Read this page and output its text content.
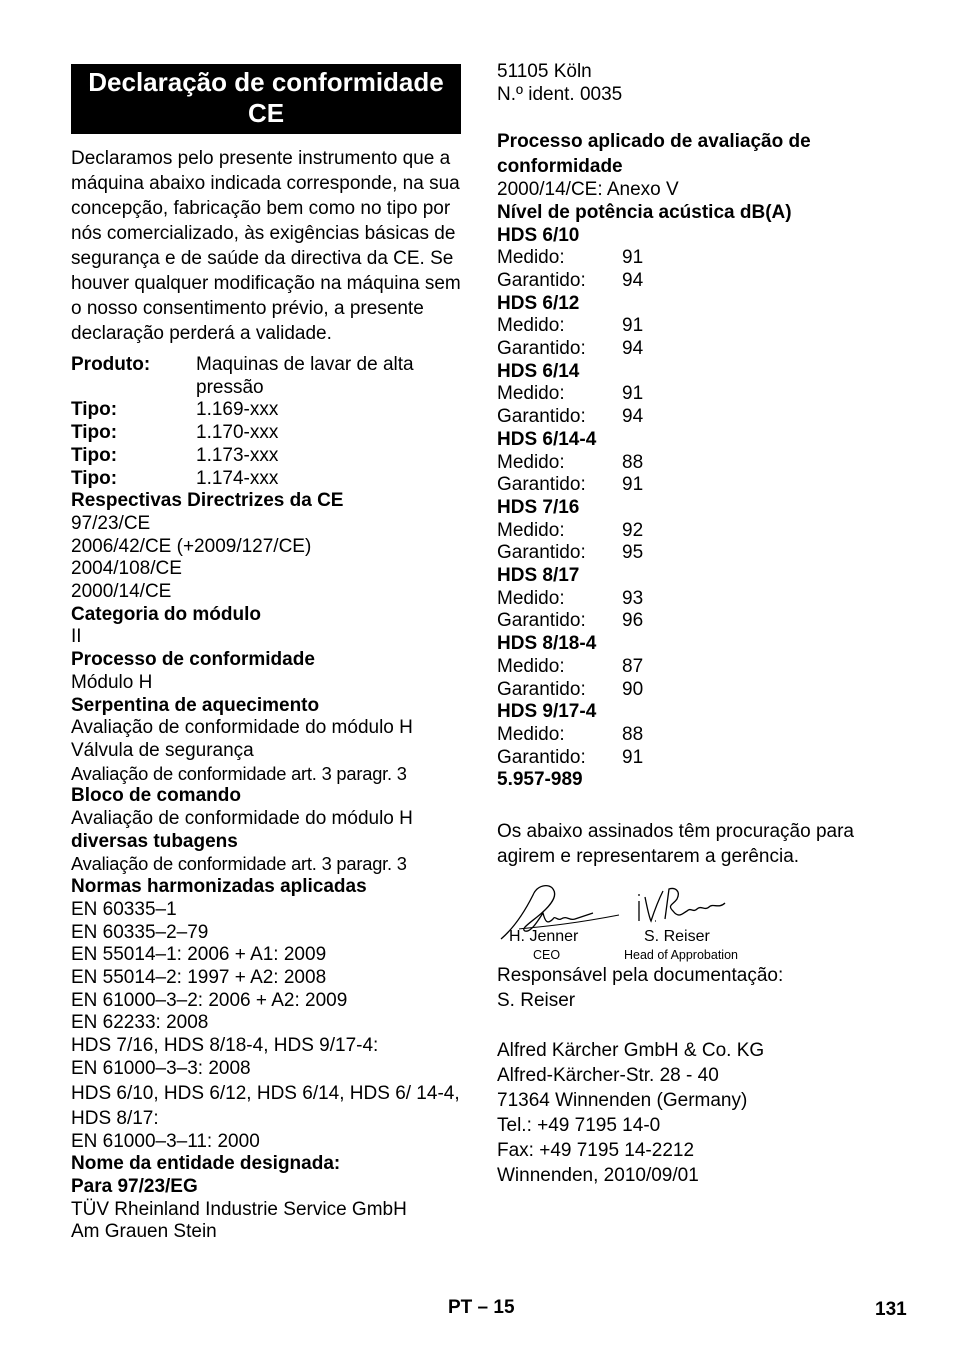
Declaração de conformidade CE
Declaramos pelo presente instrumento que a máquina abaixo indicada corresponde, na sua concepção, fabricação bem como no tipo por nós comercializado, às exigências básicas de segurança e de saúde da directiva da CE. Se houver qualquer modificação na máquina sem o nosso consentimento prévio, a presente declaração perderá a validade.
Produto:	Maquinas de lavar de alta pressão
Tipo:	1.169-xxx
Tipo:	1.170-xxx
Tipo:	1.173-xxx
Tipo:	1.174-xxx
Respectivas Directrizes da CE
97/23/CE
2006/42/CE (+2009/127/CE)
2004/108/CE
2000/14/CE
Categoria do módulo
II
Processo de conformidade
Módulo H
Serpentina de aquecimento
Avaliação de conformidade do módulo H
Válvula de segurança
Avaliação de conformidade art. 3 paragr. 3
Bloco de comando
Avaliação de conformidade do módulo H
diversas tubagens
Avaliação de conformidade art. 3 paragr. 3
Normas harmonizadas aplicadas
EN 60335–1
EN 60335–2–79
EN 55014–1: 2006 + A1: 2009
EN 55014–2: 1997 + A2: 2008
EN 61000–3–2: 2006 + A2: 2009
EN 62233: 2008
HDS 7/16, HDS 8/18-4, HDS 9/17-4:
EN 61000–3–3: 2008
HDS 6/10, HDS 6/12, HDS 6/14, HDS 6/ 14-4, HDS 8/17:
EN 61000–3–11: 2000
Nome da entidade designada:
Para 97/23/EG
TÜV Rheinland Industrie Service GmbH
Am Grauen Stein
51105 Köln
N.º ident. 0035
Processo aplicado de avaliação de conformidade
2000/14/CE: Anexo V
Nível de potência acústica dB(A)
HDS 6/10
Medido:	91
Garantido:	94
HDS 6/12
Medido:	91
Garantido:	94
HDS 6/14
Medido:	91
Garantido:	94
HDS 6/14-4
Medido:	88
Garantido:	91
HDS 7/16
Medido:	92
Garantido:	95
HDS 8/17
Medido:	93
Garantido:	96
HDS 8/18-4
Medido:	87
Garantido:	90
HDS 9/17-4
Medido:	88
Garantido:	91
5.957-989
Os abaixo assinados têm procuração para agirem e representarem a gerência.
H. Jenner
CEO
S. Reiser
Head of Approbation
Responsável pela documentação:
S. Reiser
Alfred Kärcher GmbH & Co. KG
Alfred-Kärcher-Str. 28 - 40
71364 Winnenden (Germany)
Tel.: +49 7195 14-0
Fax: +49 7195 14-2212
Winnenden, 2010/09/01
PT – 15	131
